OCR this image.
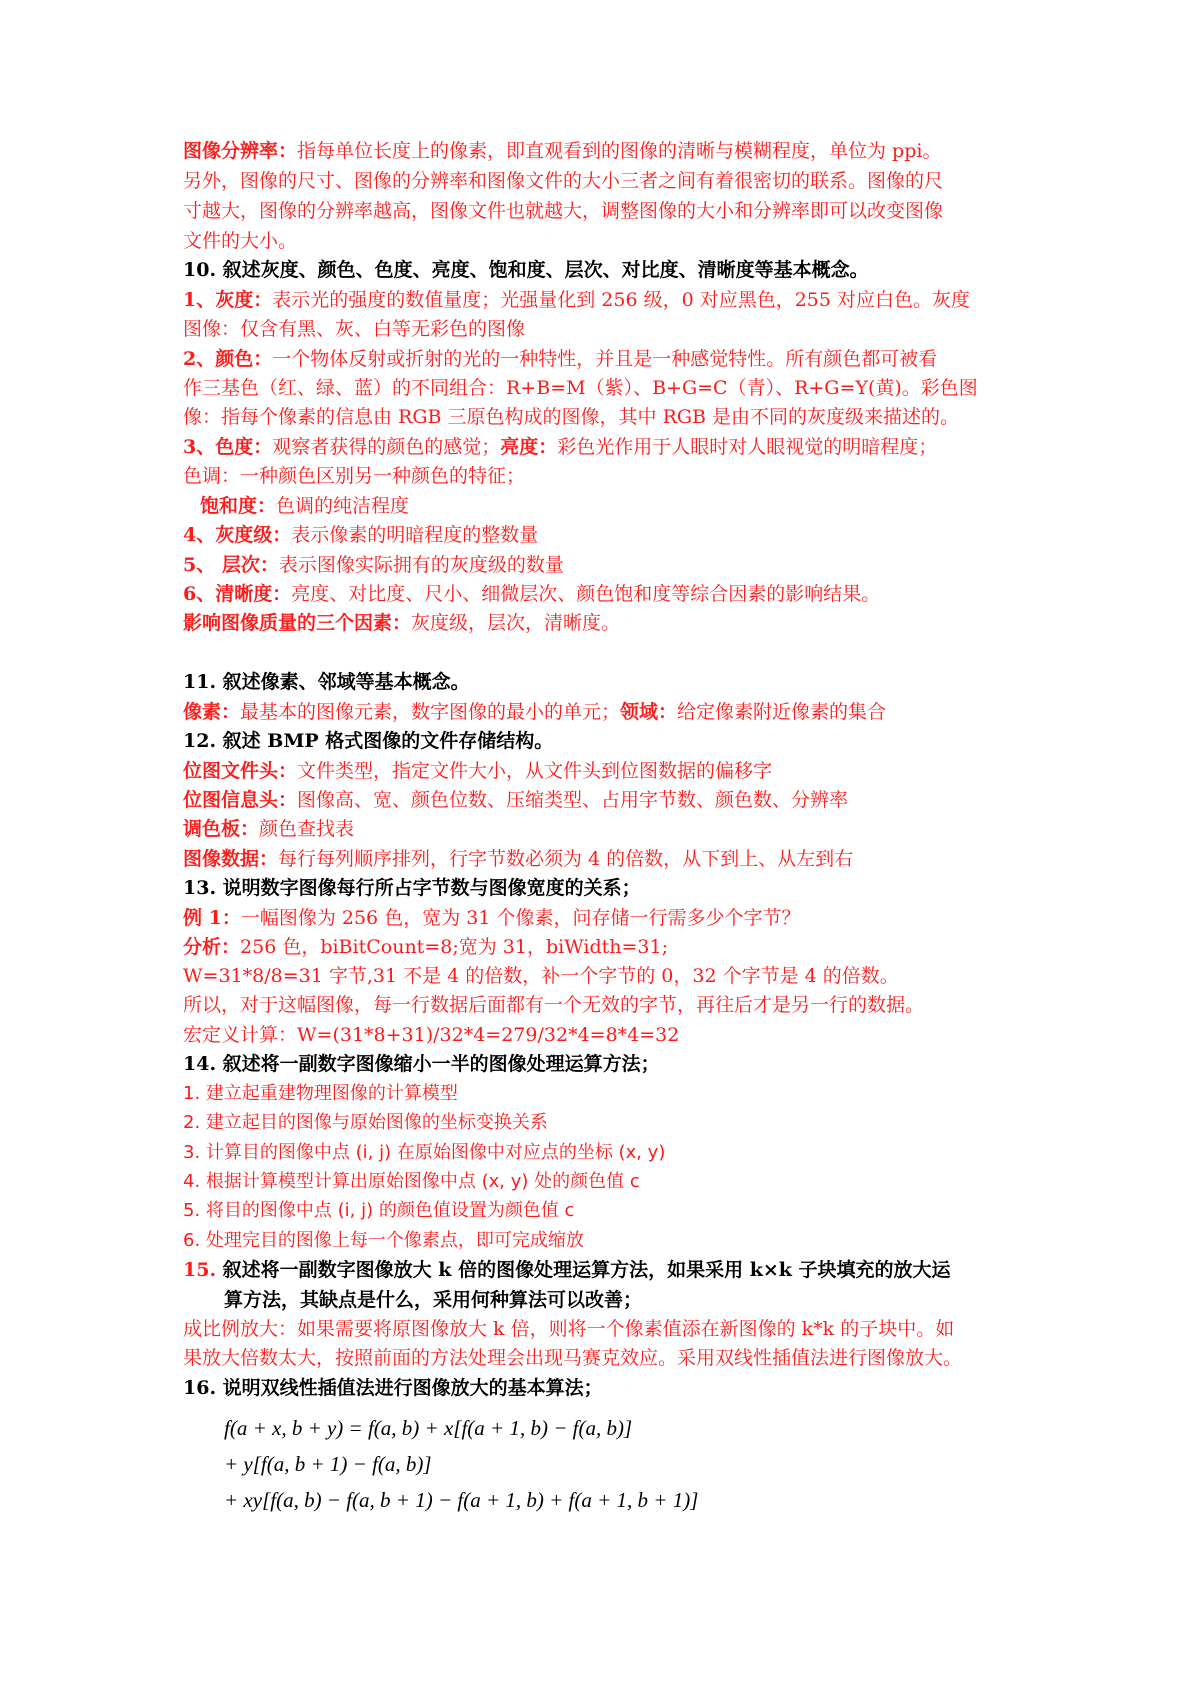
图像分辨率：指每单位长度上的像素，即直观看到的图像的清晰与模糊程度，单位为 ppi。
另外，图像的尺寸、图像的分辨率和图像文件的大小三者之间有着很密切的联系。图像的尺
寸越大，图像的分辨率越高，图像文件也就越大，调整图像的大小和分辨率即可以改变图像
文件的大小。
10. 叙述灰度、颜色、色度、亮度、饱和度、层次、对比度、清晰度等基本概念。
1、灰度：表示光的强度的数值量度；光强量化到 256 级，0 对应黑色，255 对应白色。灰度
图像：仅含有黑、灰、白等无彩色的图像
2、颜色：一个物体反射或折射的光的一种特性，并且是一种感觉特性。所有颜色都可被看
作三基色（红、绿、蓝）的不同组合：R+B=M（紫）、B+G=C（青）、R+G=Y(黄)。彩色图
像：指每个像素的信息由 RGB 三原色构成的图像，其中 RGB 是由不同的灰度级来描述的。
3、色度：观察者获得的颜色的感觉；亮度：彩色光作用于人眼时对人眼视觉的明暗程度；
色调：一种颜色区别另一种颜色的特征；
饱和度：色调的纯洁程度
4、灰度级：表示像素的明暗程度的整数量
5、 层次：表示图像实际拥有的灰度级的数量
6、清晰度：亮度、对比度、尺小、细微层次、颜色饱和度等综合因素的影响结果。
影响图像质量的三个因素：灰度级，层次，清晰度。
11. 叙述像素、邻域等基本概念。
像素：最基本的图像元素，数字图像的最小的单元；领域：给定像素附近像素的集合
12. 叙述 BMP 格式图像的文件存储结构。
位图文件头：文件类型，指定文件大小，从文件头到位图数据的偏移字
位图信息头：图像高、宽、颜色位数、压缩类型、占用字节数、颜色数、分辨率
调色板：颜色查找表
图像数据：每行每列顺序排列，行字节数必须为 4 的倍数，从下到上、从左到右
13. 说明数字图像每行所占字节数与图像宽度的关系；
例 1：一幅图像为 256 色，宽为 31 个像素，问存储一行需多少个字节？
分析：256 色，biBitCount=8;宽为 31，biWidth=31;
W=31*8/8=31 字节,31 不是 4 的倍数，补一个字节的 0，32 个字节是 4 的倍数。
所以，对于这幅图像，每一行数据后面都有一个无效的字节，再往后才是另一行的数据。
宏定义计算：W=(31*8+31)/32*4=279/32*4=8*4=32
14. 叙述将一副数字图像缩小一半的图像处理运算方法；
1. 建立起重建物理图像的计算模型
2. 建立起目的图像与原始图像的坐标变换关系
3. 计算目的图像中点 (i, j) 在原始图像中对应点的坐标 (x, y)
4. 根据计算模型计算出原始图像中点 (x, y) 处的颜色值 c
5. 将目的图像中点 (i, j) 的颜色值设置为颜色值 c
6. 处理完目的图像上每一个像素点，即可完成缩放
15. 叙述将一副数字图像放大 k 倍的图像处理运算方法，如果采用 k×k 子块填充的放大运
算方法，其缺点是什么，采用何种算法可以改善；
成比例放大：如果需要将原图像放大 k 倍，则将一个像素值添在新图像的 k*k 的子块中。如
果放大倍数太大，按照前面的方法处理会出现马赛克效应。采用双线性插值法进行图像放大。
16. 说明双线性插值法进行图像放大的基本算法；
f(a + x, b + y) = f(a, b) + x[f(a + 1, b) − f(a, b)]
+ y[f(a, b + 1) − f(a, b)]
+ xy[f(a, b) − f(a, b + 1) − f(a + 1, b) + f(a + 1, b + 1)]
